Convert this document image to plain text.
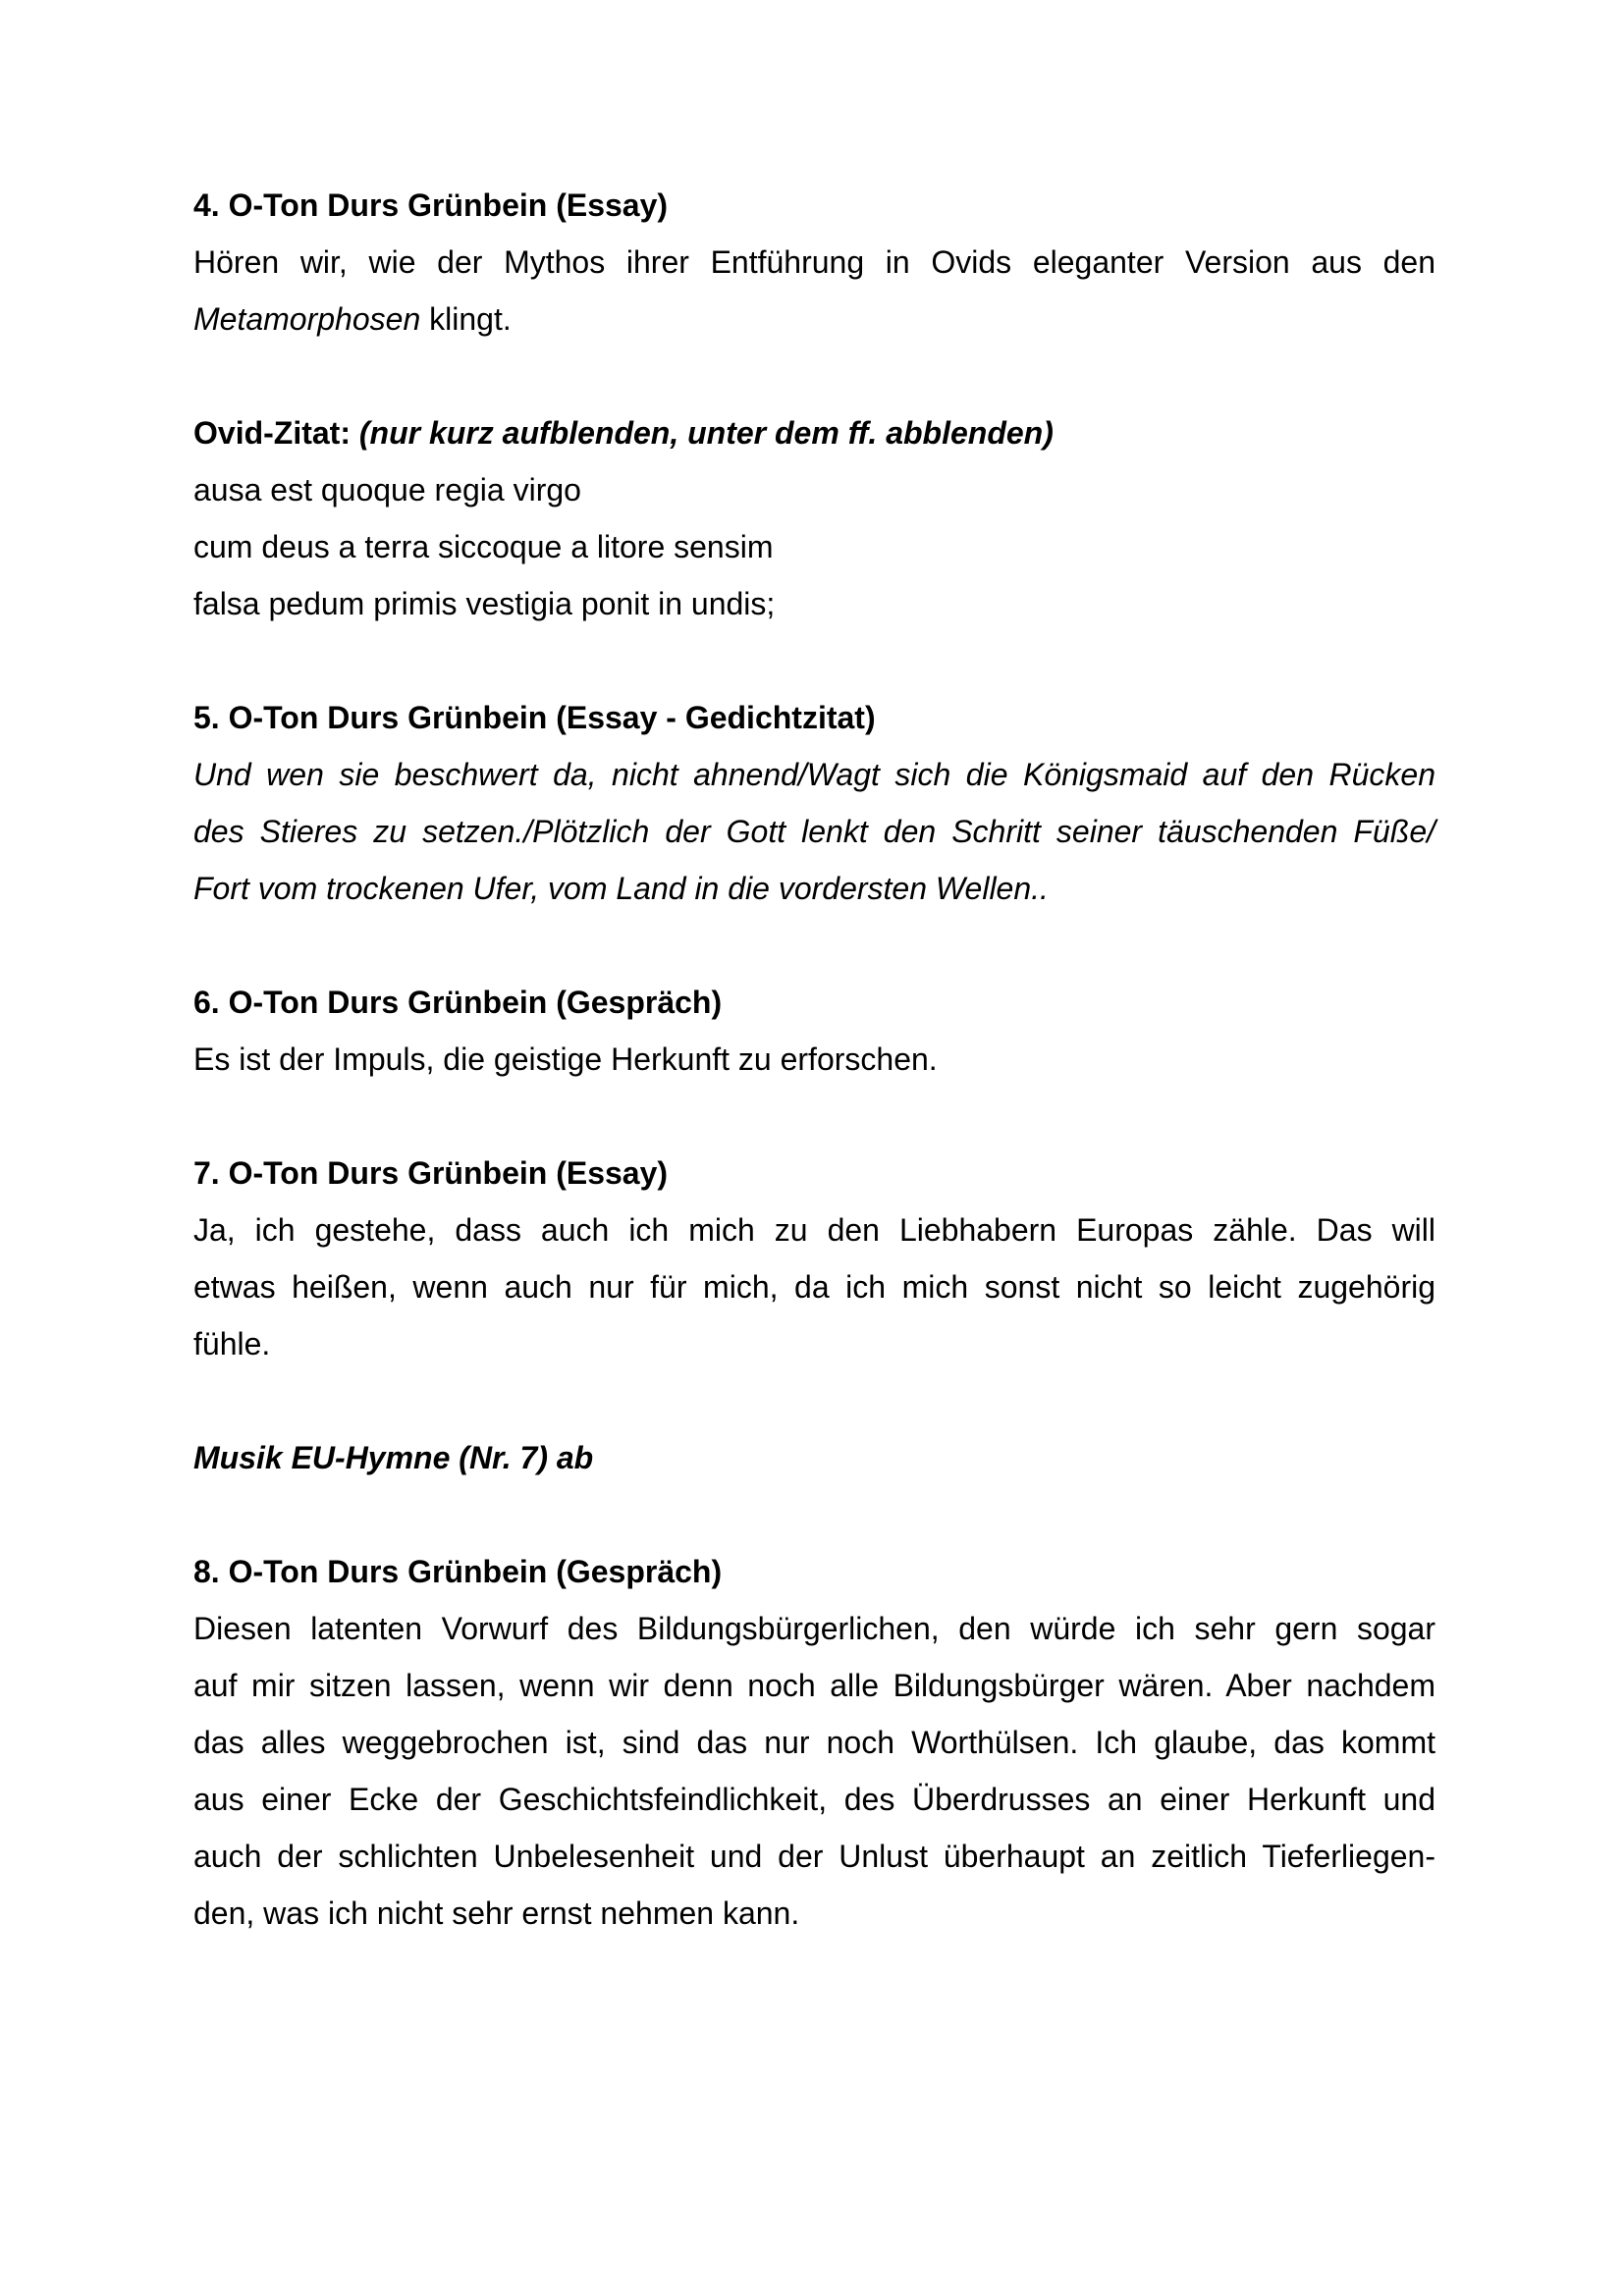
4. O-Ton Durs Grünbein (Essay)

Hören wir, wie der Mythos ihrer Entführung in Ovids eleganter Version aus den

Metamorphosen klingt.

Ovid-Zitat: (nur kurz aufblenden, unter dem ff. abblenden)

ausa est quoque regia virgo

cum deus a terra siccoque a litore sensim

falsa pedum primis vestigia ponit in undis;

5. O-Ton Durs Grünbein (Essay - Gedichtzitat)

Und wen sie beschwert da, nicht ahnend/Wagt sich die Königsmaid auf den Rücken

des Stieres zu setzen./Plötzlich der Gott lenkt den Schritt seiner täuschenden Füße/

Fort vom trockenen Ufer, vom Land in die vordersten Wellen..

6. O-Ton Durs Grünbein (Gespräch)

Es ist der Impuls, die geistige Herkunft zu erforschen.

7. O-Ton Durs Grünbein (Essay)

Ja, ich gestehe, dass auch ich mich zu den Liebhabern Europas zähle. Das will

etwas heißen, wenn auch nur für mich, da ich mich sonst nicht so leicht zugehörig

fühle.

Musik EU-Hymne (Nr. 7) ab
8. O-Ton Durs Grünbein (Gespräch)

Diesen latenten Vorwurf des Bildungsbürgerlichen, den würde ich sehr gern sogar

auf mir sitzen lassen, wenn wir denn noch alle Bildungsbürger wären. Aber nachdem

das alles weggebrochen ist, sind das nur noch Worthülsen. Ich glaube, das kommt

aus einer Ecke der Geschichtsfeindlichkeit, des Überdrusses an einer Herkunft und

auch der schlichten Unbelesenheit und der Unlust überhaupt an zeitlich Tieferliegen-

den, was ich nicht sehr ernst nehmen kann.
